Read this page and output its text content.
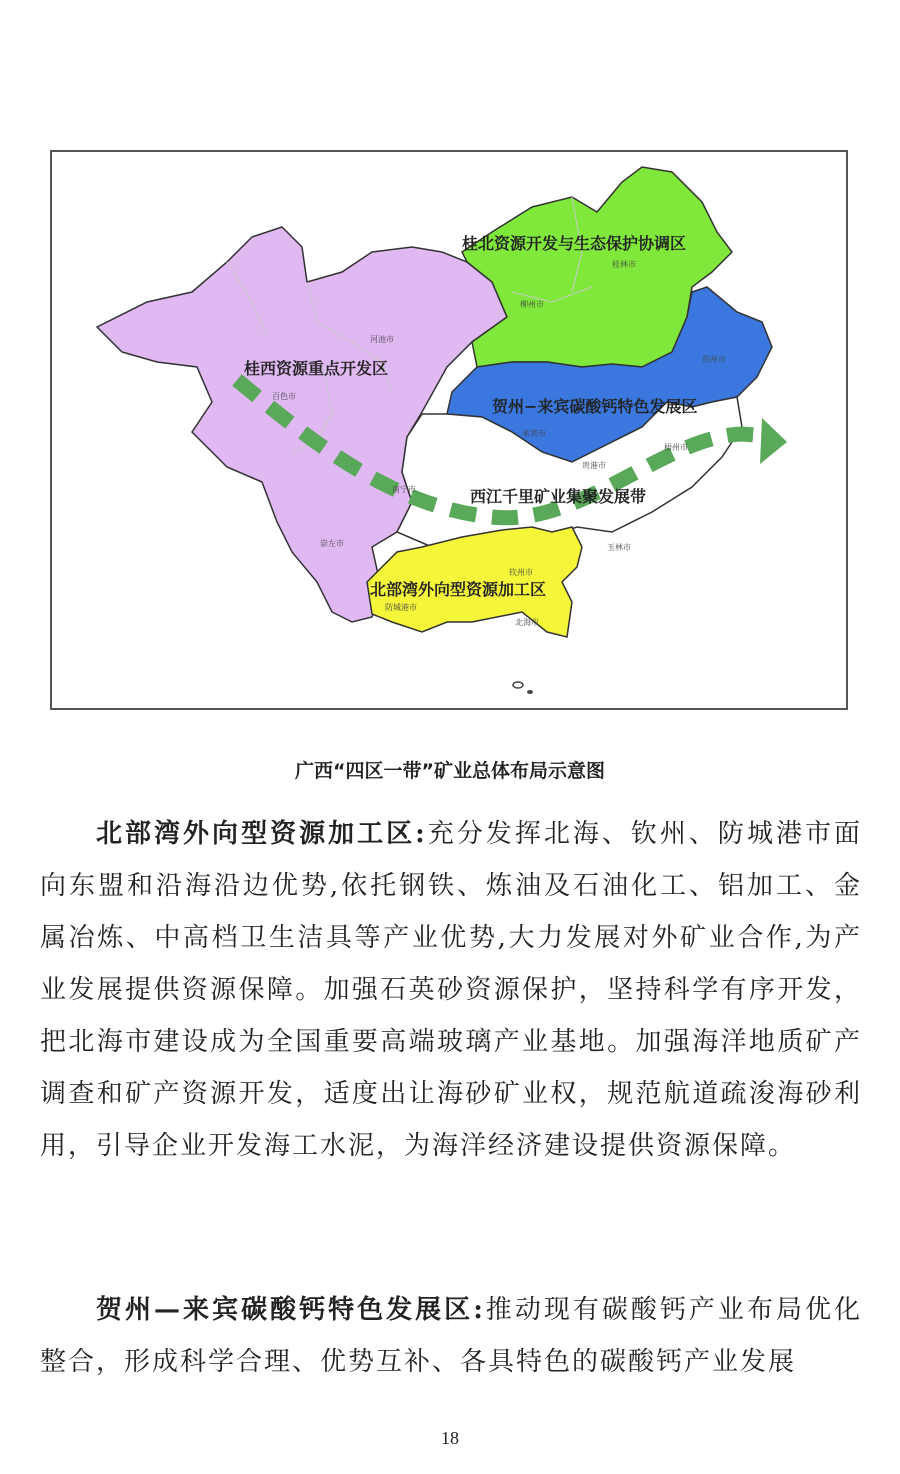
桂北资源开发与生态保护协调区
桂西资源重点开发区
贺州−来宾碳酸钙特色发展区
西江千里矿业集聚发展带
北部湾外向型资源加工区
桂林市
柳州市
河池市
贺州市
百色市
来宾市
梧州市
贵港市
南宁市
崇左市	玉林市
钦州市
防城港市
北海市
广西“四区一带”矿业总体布局示意图

北部湾外向型资源加工区:充分发挥北海、钦州、防城港市面向东盟和沿海沿边优势,依托钢铁、炼油及石油化工、铝加工、金属冶炼、中高档卫生洁具等产业优势,大力发展对外矿业合作,为产业发展提供资源保障。加强石英砂资源保护，坚持科学有序开发，把北海市建设成为全国重要高端玻璃产业基地。加强海洋地质矿产调查和矿产资源开发，适度出让海砂矿业权，规范航道疏浚海砂利用，引导企业开发海工水泥，为海洋经济建设提供资源保障。

贺州—来宾碳酸钙特色发展区:推动现有碳酸钙产业布局优化整合，形成科学合理、优势互补、各具特色的碳酸钙产业发展

18
